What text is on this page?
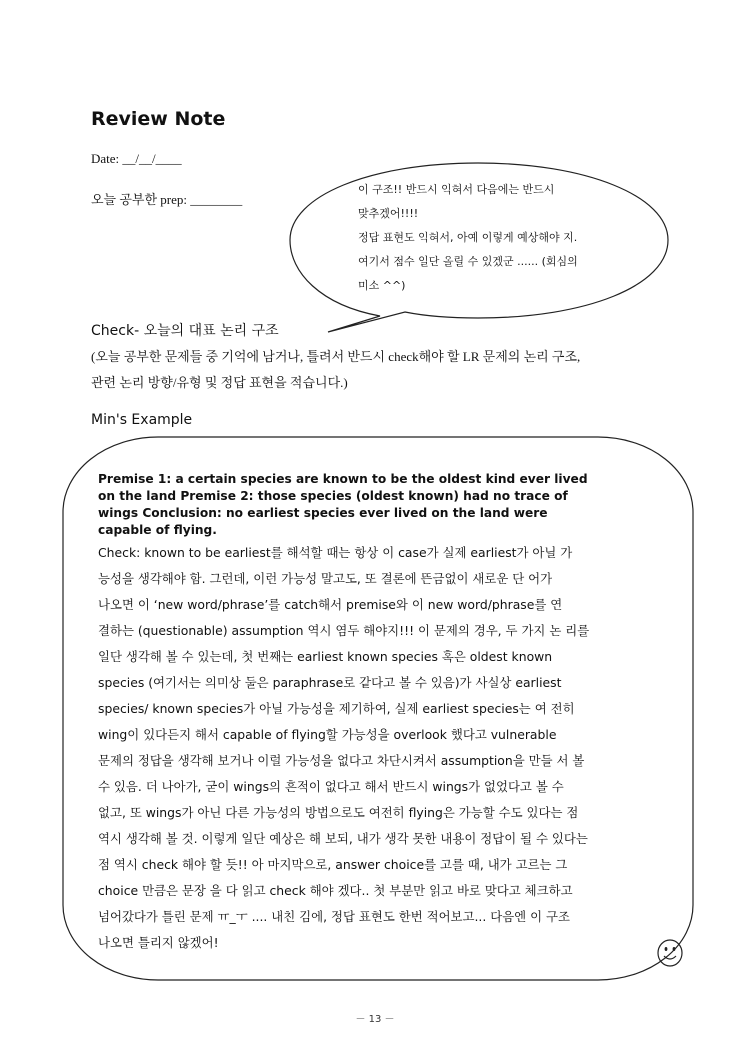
Review Note
Date: __/__/____
오늘 공부한 prep: ________
이 구조!! 반드시 익혀서 다음에는 반드시
맞추겠어!!!!
정답 표현도 익혀서, 아예 이렇게 예상해야 지.
여기서 점수 일단 올릴 수 있겠군 ...... (회심의
미소 ^^)
Check- 오늘의 대표 논리 구조
(오늘 공부한 문제들 중 기억에 남거나, 틀려서 반드시 check해야 할 LR 문제의 논리 구조,
관련 논리 방향/유형 및 정답 표현을 적습니다.)
Min's Example
Premise 1: a certain species are known to be the oldest kind ever lived
on the land Premise 2: those species (oldest known) had no trace of
wings Conclusion: no earliest species ever lived on the land were
capable of flying.
Check: known to be earliest를 해석할 때는 항상 이 case가 실제 earliest가 아닐 가
능성을 생각해야 함. 그런데, 이런 가능성 말고도, 또 결론에 뜬금없이 새로운 단 어가
나오면 이 ‘new word/phrase’를 catch해서 premise와 이 new word/phrase를 연
결하는 (questionable) assumption 역시 염두 해야지!!! 이 문제의 경우, 두 가지 논 리를
일단 생각해 볼 수 있는데, 첫 번째는 earliest known species 혹은 oldest known
species (여기서는 의미상 둘은 paraphrase로 같다고 볼 수 있음)가 사실상 earliest
species/ known species가 아닐 가능성을 제기하여, 실제 earliest species는 여 전히
wing이 있다든지 해서 capable of flying할 가능성을 overlook 했다고 vulnerable
문제의 정답을 생각해 보거나 이럴 가능성을 없다고 차단시켜서 assumption을 만들 서 볼
수 있음. 더 나아가, 굳이 wings의 흔적이 없다고 해서 반드시 wings가 없었다고 볼 수
없고, 또 wings가 아닌 다른 가능성의 방법으로도 여전히 flying은 가능할 수도 있다는 점
역시 생각해 볼 것. 이렇게 일단 예상은 해 보되, 내가 생각 못한 내용이 정답이 될 수 있다는
점 역시 check 해야 할 듯!! 아 마지막으로, answer choice를 고를 때, 내가 고르는 그
choice 만큼은 문장 을 다 읽고 check 해야 겠다.. 첫 부분만 읽고 바로 맞다고 체크하고
넘어갔다가 틀린 문제 ㅠ_ㅜ .... 내친 김에, 정답 표현도 한번 적어보고... 다음엔 이 구조
나오면 틀리지 않겠어!
－ 13 －
